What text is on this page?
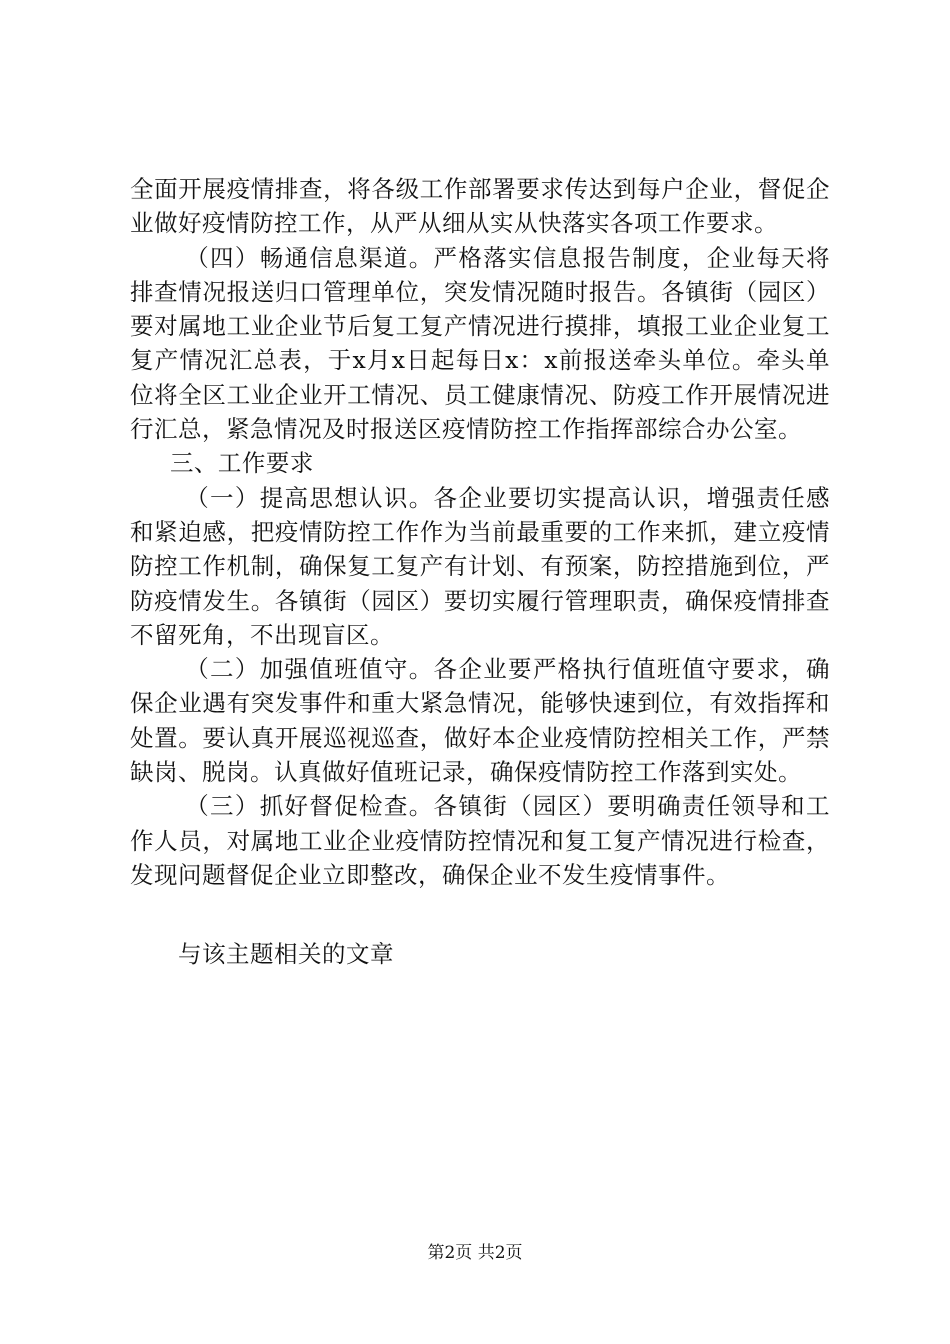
全面开展疫情排查，将各级工作部署要求传达到每户企业，督促企业做好疫情防控工作，从严从细从实从快落实各项工作要求。

（四）畅通信息渠道。严格落实信息报告制度，企业每天将排查情况报送归口管理单位，突发情况随时报告。各镇街（园区）要对属地工业企业节后复工复产情况进行摸排，填报工业企业复工复产情况汇总表，于x月x日起每日x：x前报送牵头单位。牵头单位将全区工业企业开工情况、员工健康情况、防疫工作开展情况进行汇总，紧急情况及时报送区疫情防控工作指挥部综合办公室。

三、工作要求

（一）提高思想认识。各企业要切实提高认识，增强责任感和紧迫感，把疫情防控工作作为当前最重要的工作来抓，建立疫情防控工作机制，确保复工复产有计划、有预案，防控措施到位，严防疫情发生。各镇街（园区）要切实履行管理职责，确保疫情排查不留死角，不出现盲区。

（二）加强值班值守。各企业要严格执行值班值守要求，确保企业遇有突发事件和重大紧急情况，能够快速到位，有效指挥和处置。要认真开展巡视巡查，做好本企业疫情防控相关工作，严禁缺岗、脱岗。认真做好值班记录，确保疫情防控工作落到实处。

（三）抓好督促检查。各镇街（园区）要明确责任领导和工作人员，对属地工业企业疫情防控情况和复工复产情况进行检查，发现问题督促企业立即整改，确保企业不发生疫情事件。

与该主题相关的文章

第2页 共2页
